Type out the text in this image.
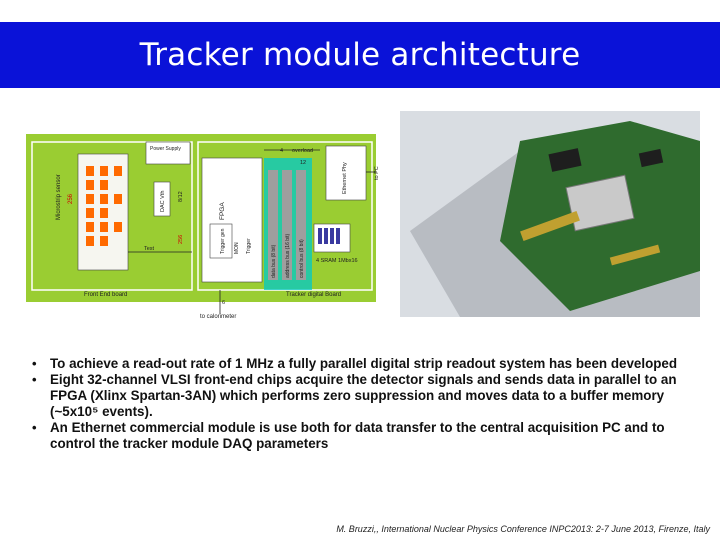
Tracker module architecture
Microstrip sensor 256
Power Supply
DAC Vth 8/12
256
Test
FPGA
Trigger gen MON Trigger	data bus (8 bit) address bus (16 bit) control bus (8 bit)
4 overload
12	Ethernet Phy	to PC
4 SRAM 1Mbx16
Front End board	Tracker digital Board
to calorimeter
6
• To achieve a read-out rate of 1 MHz a fully parallel digital strip readout system has been developed
• Eight 32-channel VLSI front-end chips acquire the detector signals and sends data in parallel to an FPGA (Xlinx Spartan-3AN) which performs zero suppression and moves data to a buffer memory (~5x10⁵ events).
• An Ethernet commercial module is use both for data transfer to the central acquisition PC and to control the tracker module DAQ parameters
M. Bruzzi,, International Nuclear Physics Conference INPC2013: 2-7 June 2013, Firenze, Italy
